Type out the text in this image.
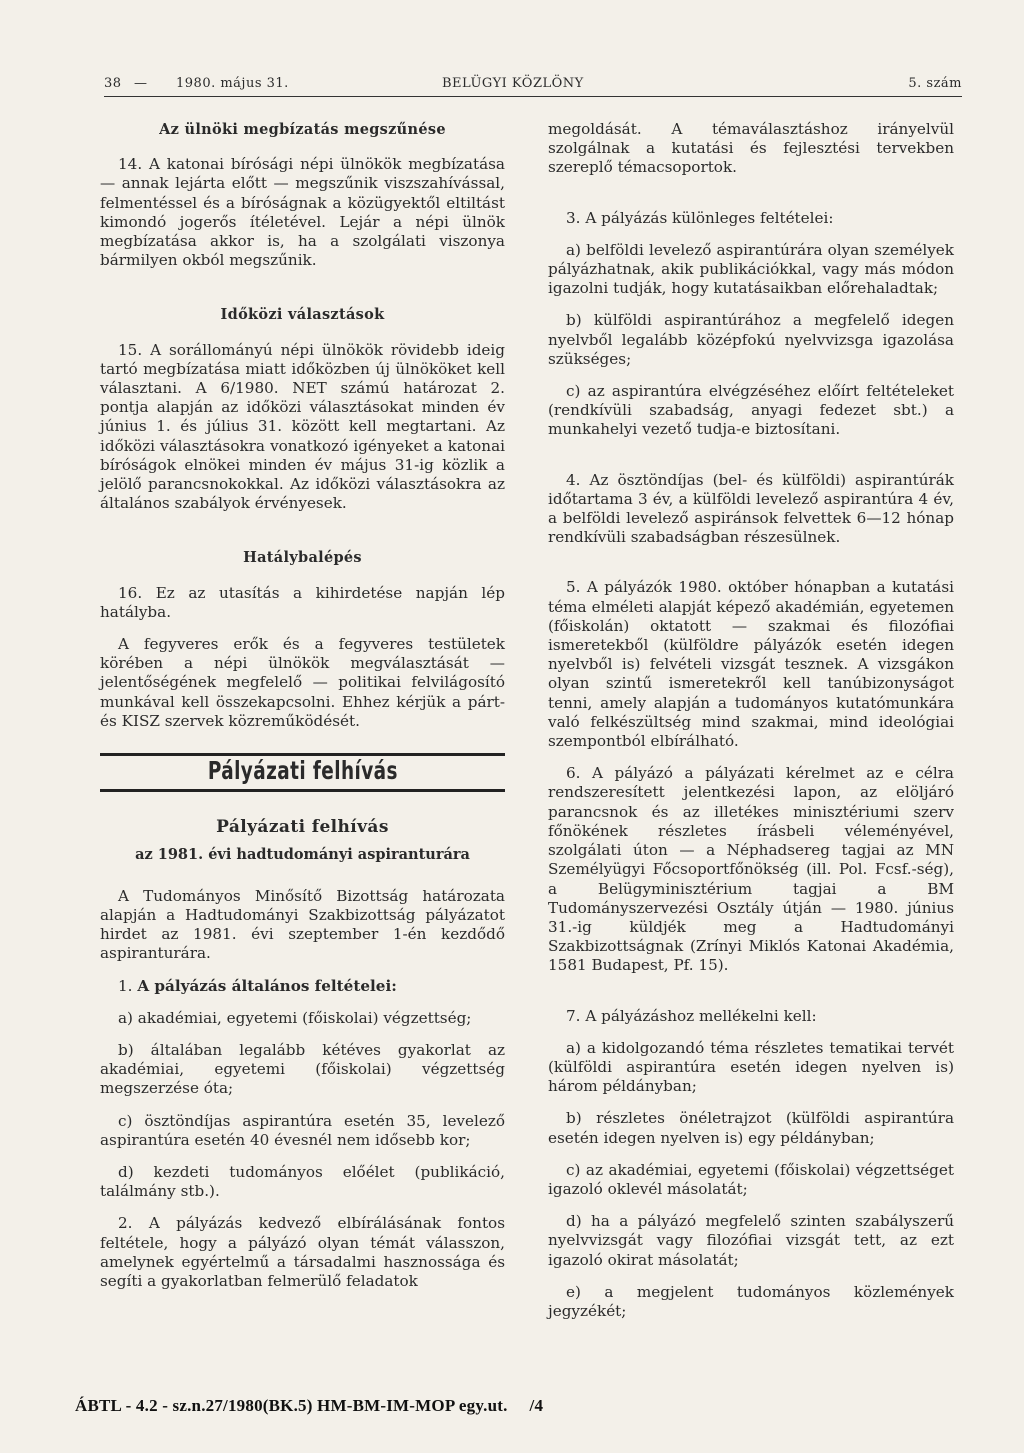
38 — 1980. május 31.	BELÜGYI KÖZLÖNY	5. szám
Az ülnöki megbízatás megszűnése

14. A katonai bírósági népi ülnökök megbízatása — annak lejárta előtt — megszűnik viszszahívással, felmentéssel és a bíróságnak a közügyektől eltiltást kimondó jogerős ítéletével. Lejár a népi ülnök megbízatása akkor is, ha a szolgálati viszonya bármilyen okból megszűnik.

Időközi választások

15. A sorállományú népi ülnökök rövidebb ideig tartó megbízatása miatt időközben új ülnököket kell választani. A 6/1980. NET számú határozat 2. pontja alapján az időközi választásokat minden év június 1. és július 31. között kell megtartani. Az időközi választásokra vonatkozó igényeket a katonai bíróságok elnökei minden év május 31-ig közlik a jelölő parancsnokokkal. Az időközi választásokra az általános szabályok érvényesek.

Hatálybalépés

16. Ez az utasítás a kihirdetése napján lép hatályba.

A fegyveres erők és a fegyveres testületek körében a népi ülnökök megválasztását — jelentőségének megfelelő — politikai felvilágosító munkával kell összekapcsolni. Ehhez kérjük a párt- és KISZ szervek közreműködését.

Pályázati felhívás
Pályázati felhívás
az 1981. évi hadtudományi aspiranturára

A Tudományos Minősítő Bizottság határozata alapján a Hadtudományi Szakbizottság pályázatot hirdet az 1981. évi szeptember 1-én kezdődő aspiranturára.

1. A pályázás általános feltételei:

a) akadémiai, egyetemi (főiskolai) végzettség;

b) általában legalább kétéves gyakorlat az akadémiai, egyetemi (főiskolai) végzettség megszerzése óta;

c) ösztöndíjas aspirantúra esetén 35, levelező aspirantúra esetén 40 évesnél nem idősebb kor;

d) kezdeti tudományos előélet (publikáció, találmány stb.).

2. A pályázás kedvező elbírálásának fontos feltétele, hogy a pályázó olyan témát válasszon, amelynek egyértelmű a társadalmi hasznossága és segíti a gyakorlatban felmerülő feladatok

megoldását. A témaválasztáshoz irányelvül szolgálnak a kutatási és fejlesztési tervekben szereplő témacsoportok.

3. A pályázás különleges feltételei:

a) belföldi levelező aspirantúrára olyan személyek pályázhatnak, akik publikációkkal, vagy más módon igazolni tudják, hogy kutatásaikban előrehaladtak;

b) külföldi aspirantúrához a megfelelő idegen nyelvből legalább középfokú nyelvvizsga igazolása szükséges;

c) az aspirantúra elvégzéséhez előírt feltételeket (rendkívüli szabadság, anyagi fedezet sbt.) a munkahelyi vezető tudja-e biztosítani.

4. Az ösztöndíjas (bel- és külföldi) aspirantúrák időtartama 3 év, a külföldi levelező aspirantúra 4 év, a belföldi levelező aspiránsok felvettek 6—12 hónap rendkívüli szabadságban részesülnek.

5. A pályázók 1980. október hónapban a kutatási téma elméleti alapját képező akadémián, egyetemen (főiskolán) oktatott — szakmai és filozófiai ismeretekből (külföldre pályázók esetén idegen nyelvből is) felvételi vizsgát tesznek. A vizsgákon olyan szintű ismeretekről kell tanúbizonyságot tenni, amely alapján a tudományos kutatómunkára való felkészültség mind szakmai, mind ideológiai szempontból elbírálható.

6. A pályázó a pályázati kérelmet az e célra rendszeresített jelentkezési lapon, az elöljáró parancsnok és az illetékes minisztériumi szerv főnökének részletes írásbeli véleményével, szolgálati úton — a Néphadsereg tagjai az MN Személyügyi Főcsoportfőnökség (ill. Pol. Fcsf.-ség), a Belügyminisztérium tagjai a BM Tudományszervezési Osztály útján — 1980. június 31.-ig küldjék meg a Hadtudományi Szakbizottságnak (Zrínyi Miklós Katonai Akadémia, 1581 Budapest, Pf. 15).

7. A pályázáshoz mellékelni kell:

a) a kidolgozandó téma részletes tematikai tervét (külföldi aspirantúra esetén idegen nyelven is) három példányban;

b) részletes önéletrajzot (külföldi aspirantúra esetén idegen nyelven is) egy példányban;

c) az akadémiai, egyetemi (főiskolai) végzettséget igazoló oklevél másolatát;

d) ha a pályázó megfelelő szinten szabályszerű nyelvvizsgát vagy filozófiai vizsgát tett, az ezt igazoló okirat másolatát;

e) a megjelent tudományos közlemények jegyzékét;

ÁBTL - 4.2 - sz.n.27/1980(BK.5) HM-BM-IM-MOP egy.ut. /4
